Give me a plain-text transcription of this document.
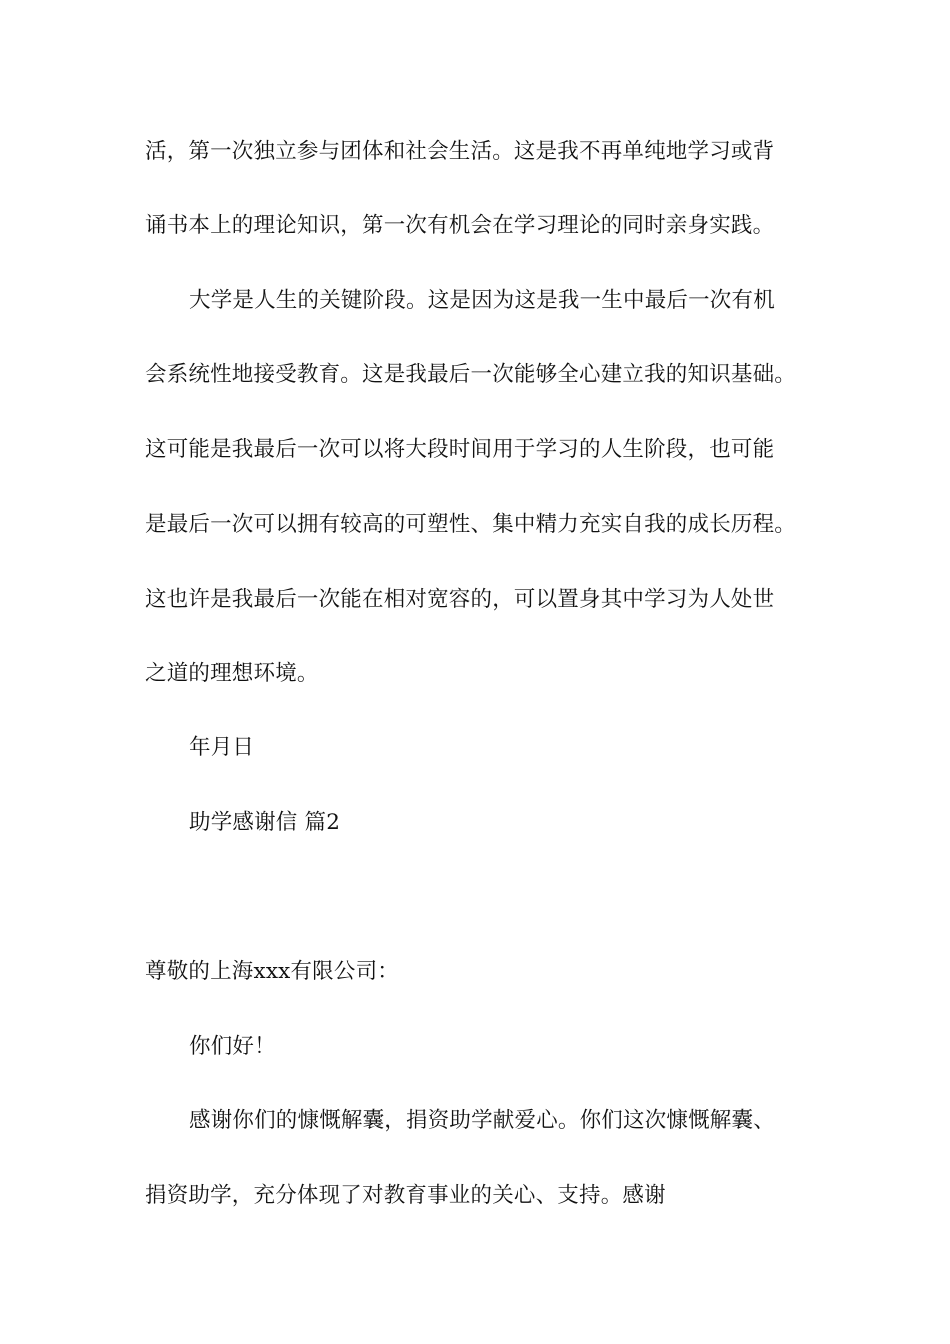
活，第一次独立参与团体和社会生活。这是我不再单纯地学习或背
诵书本上的理论知识，第一次有机会在学习理论的同时亲身实践。
大学是人生的关键阶段。这是因为这是我一生中最后一次有机
会系统性地接受教育。这是我最后一次能够全心建立我的知识基础。
这可能是我最后一次可以将大段时间用于学习的人生阶段，也可能
是最后一次可以拥有较高的可塑性、集中精力充实自我的成长历程。
这也许是我最后一次能在相对宽容的，可以置身其中学习为人处世
之道的理想环境。
年月日
助学感谢信 篇2
尊敬的上海xxx有限公司：
你们好！
感谢你们的慷慨解囊，捐资助学献爱心。你们这次慷慨解囊、
捐资助学，充分体现了对教育事业的关心、支持。感谢
